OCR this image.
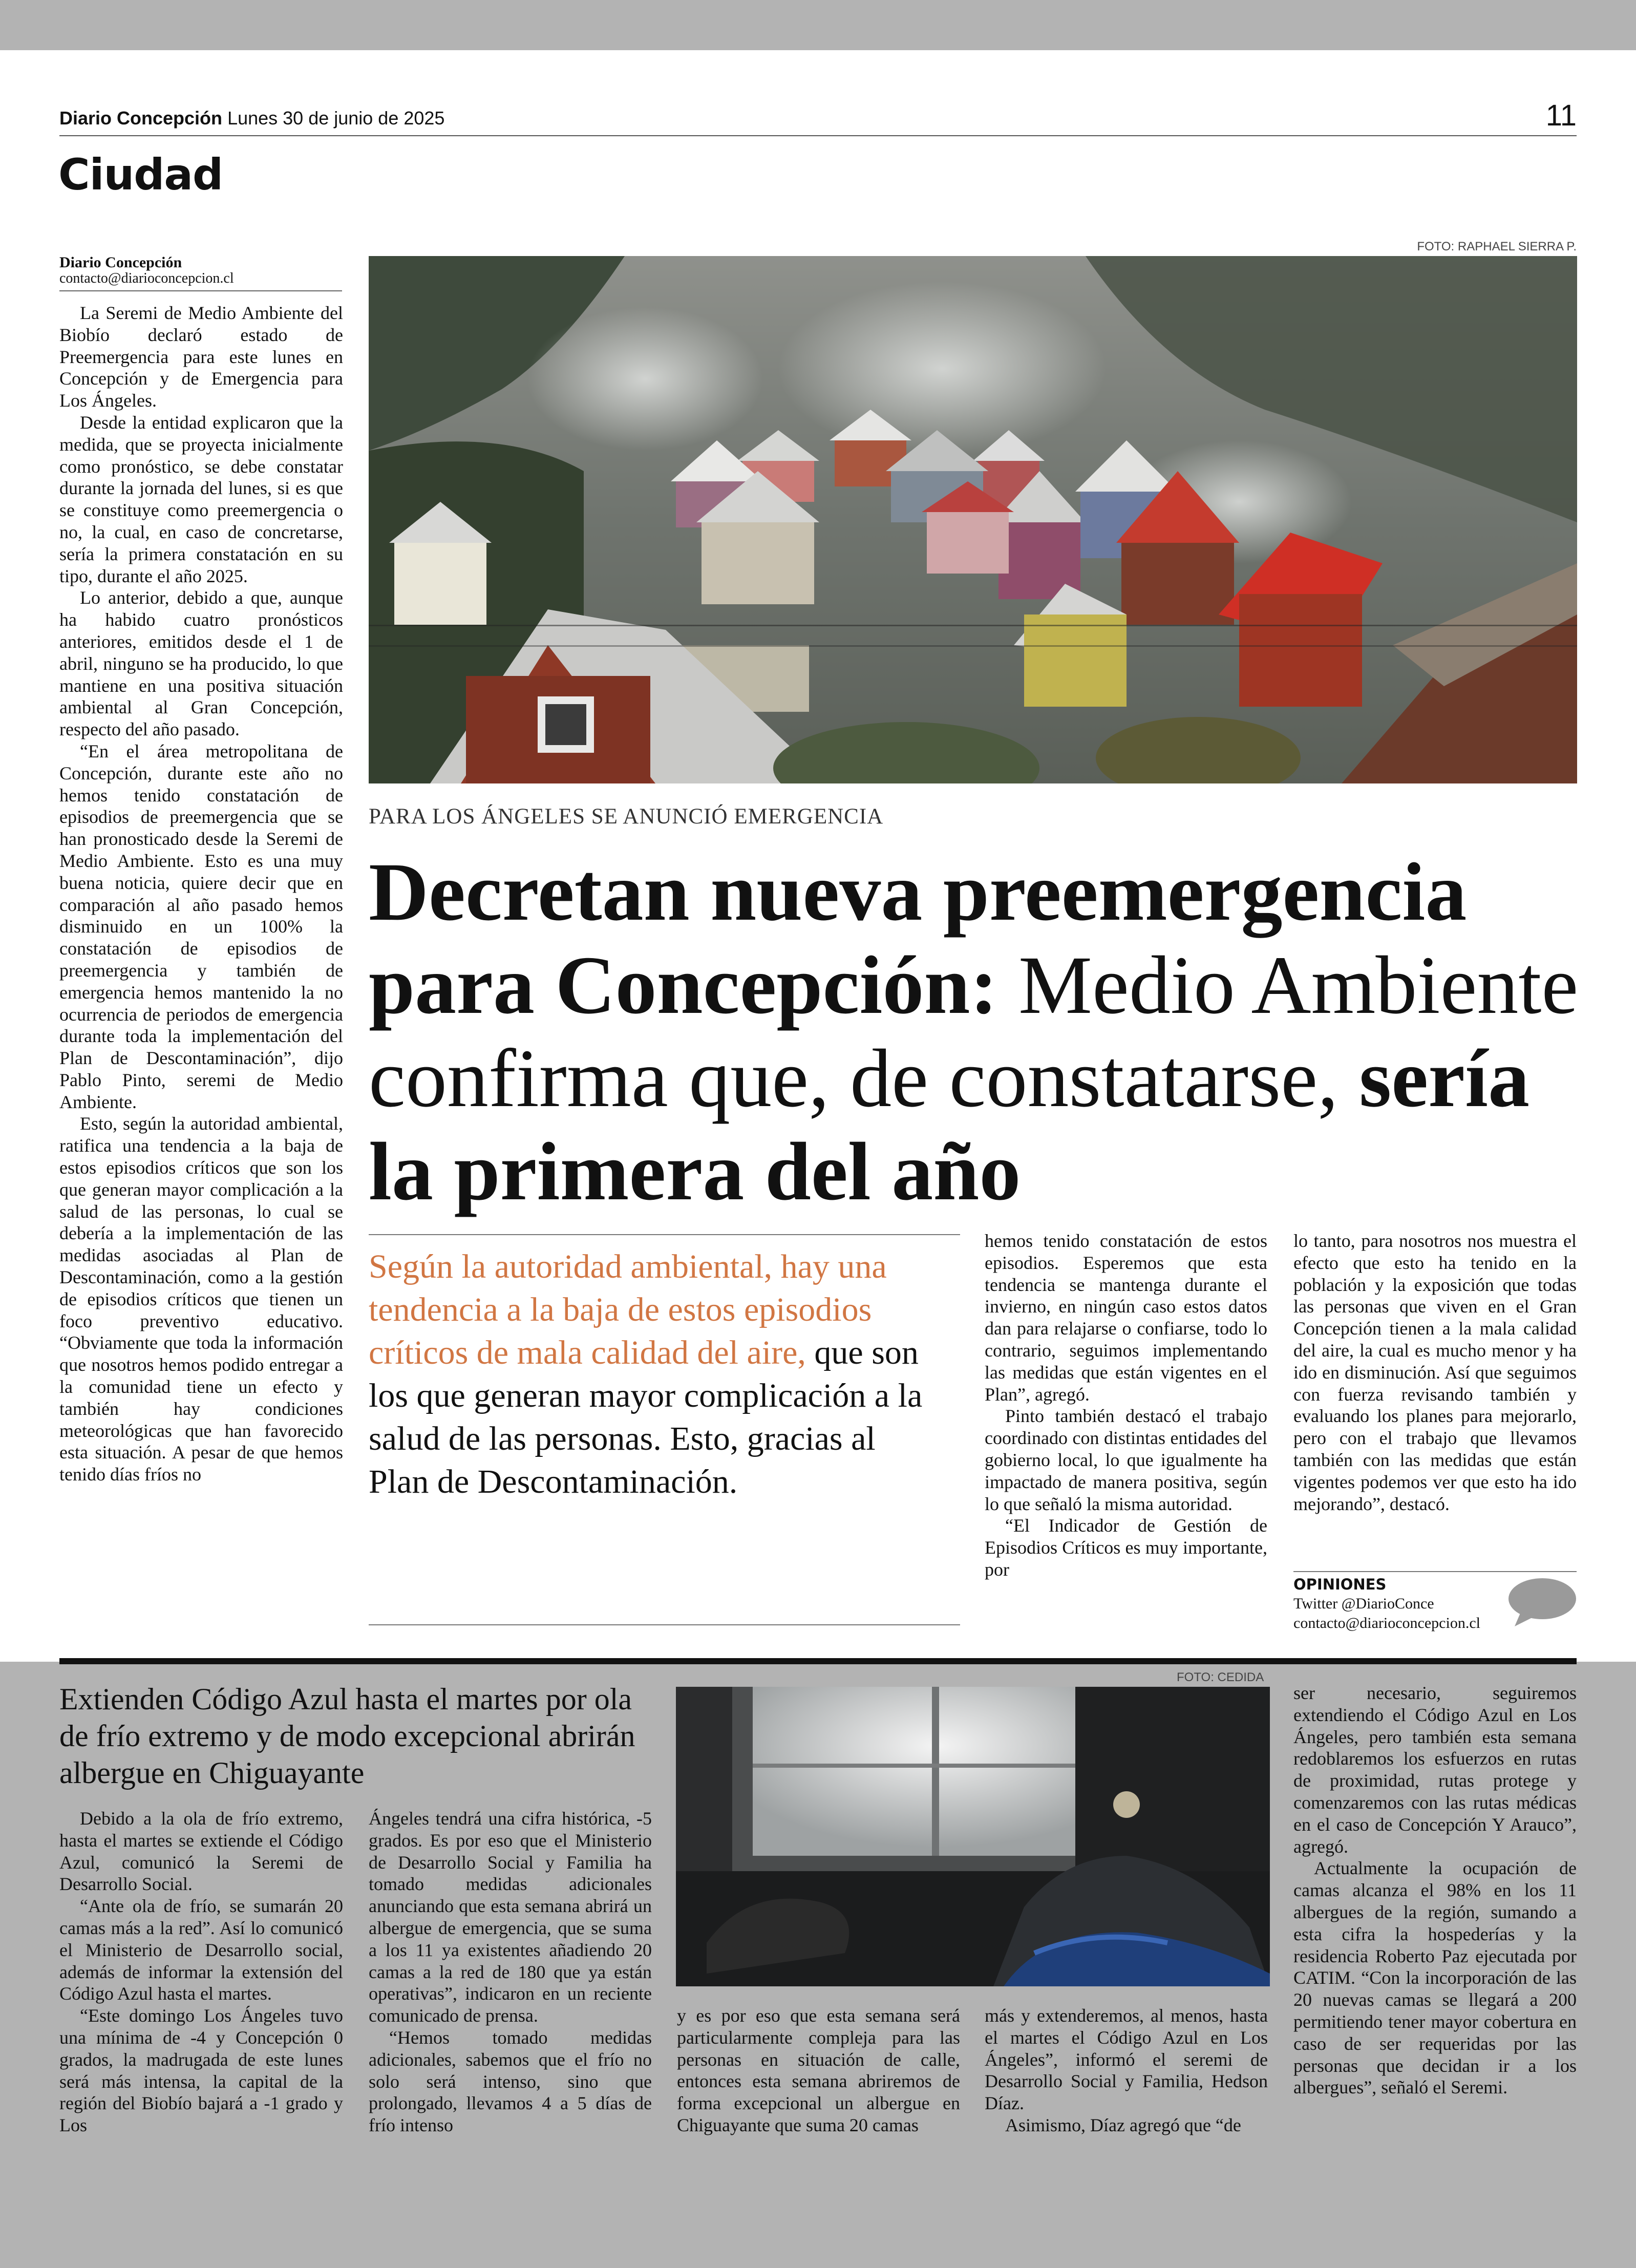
Diario Concepción Lunes 30 de junio de 2025	11
Ciudad
FOTO: RAPHAEL SIERRA P.
Diario Concepción
contacto@diarioconcepcion.cl

La Seremi de Medio Ambiente del Biobío declaró estado de Preemergencia para este lunes en Concepción y de Emergencia para Los Ángeles.

Desde la entidad explicaron que la medida, que se proyecta inicialmente como pronóstico, se debe constatar durante la jornada del lunes, si es que se constituye como preemergencia o no, la cual, en caso de concretarse, sería la primera constatación en su tipo, durante el año 2025.

Lo anterior, debido a que, aunque ha habido cuatro pronósticos anteriores, emitidos desde el 1 de abril, ninguno se ha producido, lo que mantiene en una positiva situación ambiental al Gran Concepción, respecto del año pasado.

“En el área metropolitana de Concepción, durante este año no hemos tenido constatación de episodios de preemergencia que se han pronosticado desde la Seremi de Medio Ambiente. Esto es una muy buena noticia, quiere decir que en comparación al año pasado hemos disminuido en un 100% la constatación de episodios de preemergencia y también de emergencia hemos mantenido la no ocurrencia de periodos de emergencia durante toda la implementación del Plan de Descontaminación”, dijo Pablo Pinto, seremi de Medio Ambiente.

Esto, según la autoridad ambiental, ratifica una tendencia a la baja de estos episodios críticos que son los que generan mayor complicación a la salud de las personas, lo cual se debería a la implementación de las medidas asociadas al Plan de Descontaminación, como a la gestión de episodios críticos que tienen un foco preventivo educativo. “Obviamente que toda la información que nosotros hemos podido entregar a la comunidad tiene un efecto y también hay condiciones meteorológicas que han favorecido esta situación. A pesar de que hemos tenido días fríos no

PARA LOS ÁNGELES SE ANUNCIÓ EMERGENCIA
Decretan nueva preemergencia
para Concepción: Medio Ambiente
confirma que, de constatarse, sería
la primera del año
Según la autoridad ambiental, hay una tendencia a la baja de estos episodios críticos de mala calidad del aire, que son los que generan mayor complicación a la salud de las personas. Esto, gracias al Plan de Descontaminación.

hemos tenido constatación de estos episodios. Esperemos que esta tendencia se mantenga durante el invierno, en ningún caso estos datos dan para relajarse o confiarse, todo lo contrario, seguimos implementando las medidas que están vigentes en el Plan”, agregó.

Pinto también destacó el trabajo coordinado con distintas entidades del gobierno local, lo que igualmente ha impactado de manera positiva, según lo que señaló la misma autoridad.

“El Indicador de Gestión de Episodios Críticos es muy importante, por

lo tanto, para nosotros nos muestra el efecto que esto ha tenido en la población y la exposición que todas las personas que viven en el Gran Concepción tienen a la mala calidad del aire, la cual es mucho menor y ha ido en disminución. Así que seguimos con fuerza revisando también y evaluando los planes para mejorarlo, pero con el trabajo que llevamos también con las medidas que están vigentes podemos ver que esto ha ido mejorando”, destacó.

OPINIONES
Twitter @DiarioConce
contacto@diarioconcepcion.cl
Extienden Código Azul hasta el martes por ola de frío extremo y de modo excepcional abrirán albergue en Chiguayante
FOTO: CEDIDA

Debido a la ola de frío extremo, hasta el martes se extiende el Código Azul, comunicó la Seremi de Desarrollo Social.

“Ante ola de frío, se sumarán 20 camas más a la red”. Así lo comunicó el Ministerio de Desarrollo social, además de informar la extensión del Código Azul hasta el martes.

“Este domingo Los Ángeles tuvo una mínima de -4 y Concepción 0 grados, la madrugada de este lunes será más intensa, la capital de la región del Biobío bajará a -1 grado y Los

Ángeles tendrá una cifra histórica, -5 grados. Es por eso que el Ministerio de Desarrollo Social y Familia ha tomado medidas adicionales anunciando que esta semana abrirá un albergue de emergencia, que se suma a los 11 ya existentes añadiendo 20 camas a la red de 180 que ya están operativas”, indicaron en un reciente comunicado de prensa.

“Hemos tomado medidas adicionales, sabemos que el frío no solo será intenso, sino que prolongado, llevamos 4 a 5 días de frío intenso

y es por eso que esta semana será particularmente compleja para las personas en situación de calle, entonces esta semana abriremos de forma excepcional un albergue en Chiguayante que suma 20 camas

más y extenderemos, al menos, hasta el martes el Código Azul en Los Ángeles”, informó el seremi de Desarrollo Social y Familia, Hedson Díaz.

Asimismo, Díaz agregó que “de

ser necesario, seguiremos extendiendo el Código Azul en Los Ángeles, pero también esta semana redoblaremos los esfuerzos en rutas de proximidad, rutas protege y comenzaremos con las rutas médicas en el caso de Concepción Y Arauco”, agregó.

Actualmente la ocupación de camas alcanza el 98% en los 11 albergues de la región, sumando a esta cifra la hospederías y la residencia Roberto Paz ejecutada por CATIM. “Con la incorporación de las 20 nuevas camas se llegará a 200 permitiendo tener mayor cobertura en caso de ser requeridas por las personas que decidan ir a los albergues”, señaló el Seremi.
